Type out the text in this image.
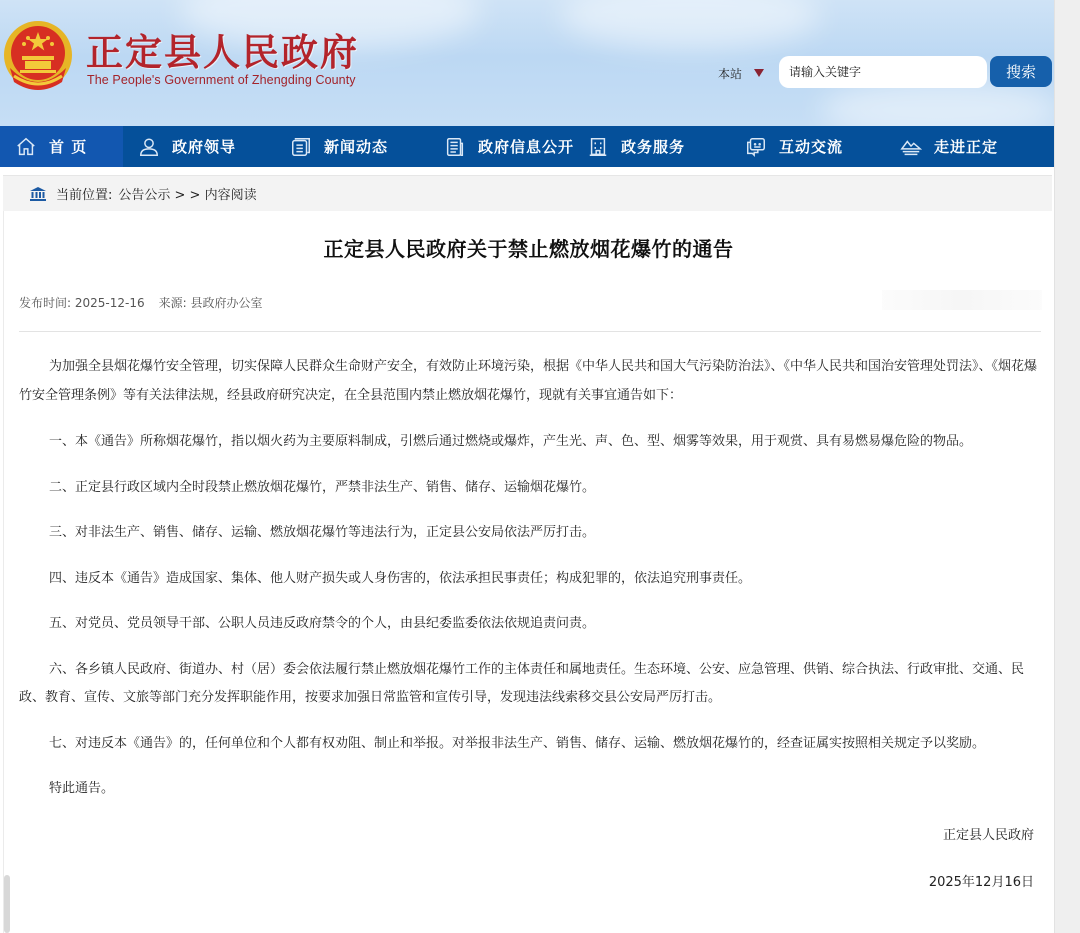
正定县人民政府
The People's Government of Zhengding County	本站
请输入关键字	搜索
首 页	政府领导	新闻动态	政府信息公开	政务服务	互动交流	走进正定
当前位置: 公告公示 > > 内容阅读
正定县人民政府关于禁止燃放烟花爆竹的通告
发布时间: 2025-12-16 来源: 县政府办公室

为加强全县烟花爆竹安全管理，切实保障人民群众生命财产安全，有效防止环境污染，根据《中华人民共和国大气污染防治法》、《中华人民共和国治安管理处罚法》、《烟花爆竹安全管理条例》等有关法律法规，经县政府研究决定，在全县范围内禁止燃放烟花爆竹，现就有关事宜通告如下：

一、本《通告》所称烟花爆竹，指以烟火药为主要原料制成，引燃后通过燃烧或爆炸，产生光、声、色、型、烟雾等效果，用于观赏、具有易燃易爆危险的物品。

二、正定县行政区域内全时段禁止燃放烟花爆竹，严禁非法生产、销售、储存、运输烟花爆竹。

三、对非法生产、销售、储存、运输、燃放烟花爆竹等违法行为，正定县公安局依法严厉打击。

四、违反本《通告》造成国家、集体、他人财产损失或人身伤害的，依法承担民事责任；构成犯罪的，依法追究刑事责任。

五、对党员、党员领导干部、公职人员违反政府禁令的个人，由县纪委监委依法依规追责问责。

六、各乡镇人民政府、街道办、村（居）委会依法履行禁止燃放烟花爆竹工作的主体责任和属地责任。生态环境、公安、应急管理、供销、综合执法、行政审批、交通、民政、教育、宣传、文旅等部门充分发挥职能作用，按要求加强日常监管和宣传引导，发现违法线索移交县公安局严厉打击。

七、对违反本《通告》的，任何单位和个人都有权劝阻、制止和举报。对举报非法生产、销售、储存、运输、燃放烟花爆竹的，经查证属实按照相关规定予以奖励。

特此通告。

正定县人民政府
2025年12月16日
